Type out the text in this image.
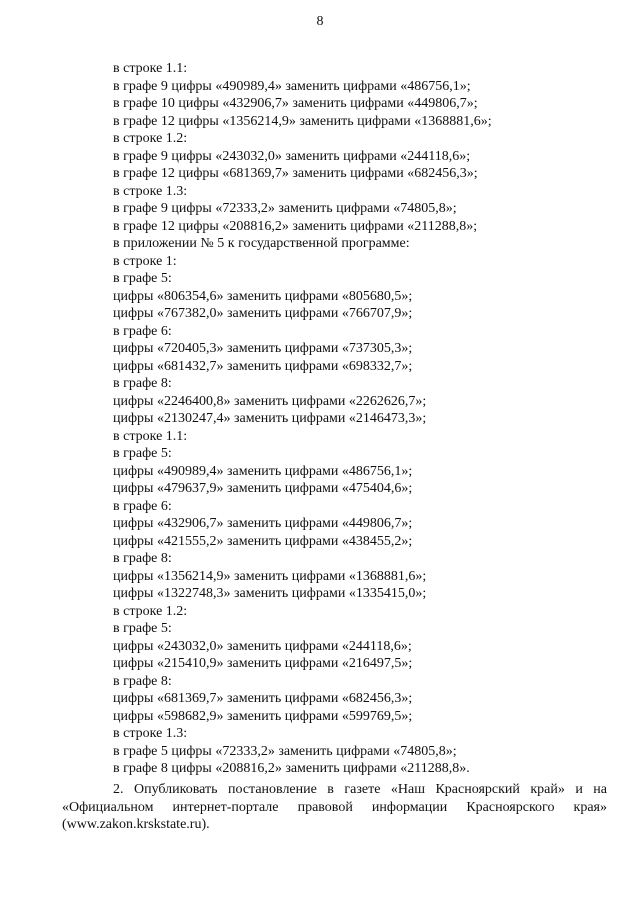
8
в строке 1.1:
в графе 9 цифры «490989,4» заменить цифрами «486756,1»;
в графе 10 цифры «432906,7» заменить цифрами «449806,7»;
в графе 12 цифры «1356214,9» заменить цифрами «1368881,6»;
в строке 1.2:
в графе 9 цифры «243032,0» заменить цифрами «244118,6»;
в графе 12 цифры «681369,7» заменить цифрами «682456,3»;
в строке 1.3:
в графе 9 цифры «72333,2» заменить цифрами «74805,8»;
в графе 12 цифры «208816,2» заменить цифрами «211288,8»;
в приложении № 5 к государственной программе:
в строке 1:
в графе 5:
цифры «806354,6» заменить цифрами «805680,5»;
цифры «767382,0» заменить цифрами «766707,9»;
в графе 6:
цифры «720405,3» заменить цифрами «737305,3»;
цифры «681432,7» заменить цифрами «698332,7»;
в графе 8:
цифры «2246400,8» заменить цифрами «2262626,7»;
цифры «2130247,4» заменить цифрами «2146473,3»;
в строке 1.1:
в графе 5:
цифры «490989,4» заменить цифрами «486756,1»;
цифры «479637,9» заменить цифрами «475404,6»;
в графе 6:
цифры «432906,7» заменить цифрами «449806,7»;
цифры «421555,2» заменить цифрами «438455,2»;
в графе 8:
цифры «1356214,9» заменить цифрами «1368881,6»;
цифры «1322748,3» заменить цифрами «1335415,0»;
в строке 1.2:
в графе 5:
цифры «243032,0» заменить цифрами «244118,6»;
цифры «215410,9» заменить цифрами «216497,5»;
в графе 8:
цифры «681369,7» заменить цифрами «682456,3»;
цифры «598682,9» заменить цифрами «599769,5»;
в строке 1.3:
в графе 5 цифры «72333,2» заменить цифрами «74805,8»;
в графе 8 цифры «208816,2» заменить цифрами «211288,8».
2. Опубликовать постановление в газете «Наш Красноярский край» и на «Официальном интернет-портале правовой информации Красноярского края» (www.zakon.krskstate.ru).
